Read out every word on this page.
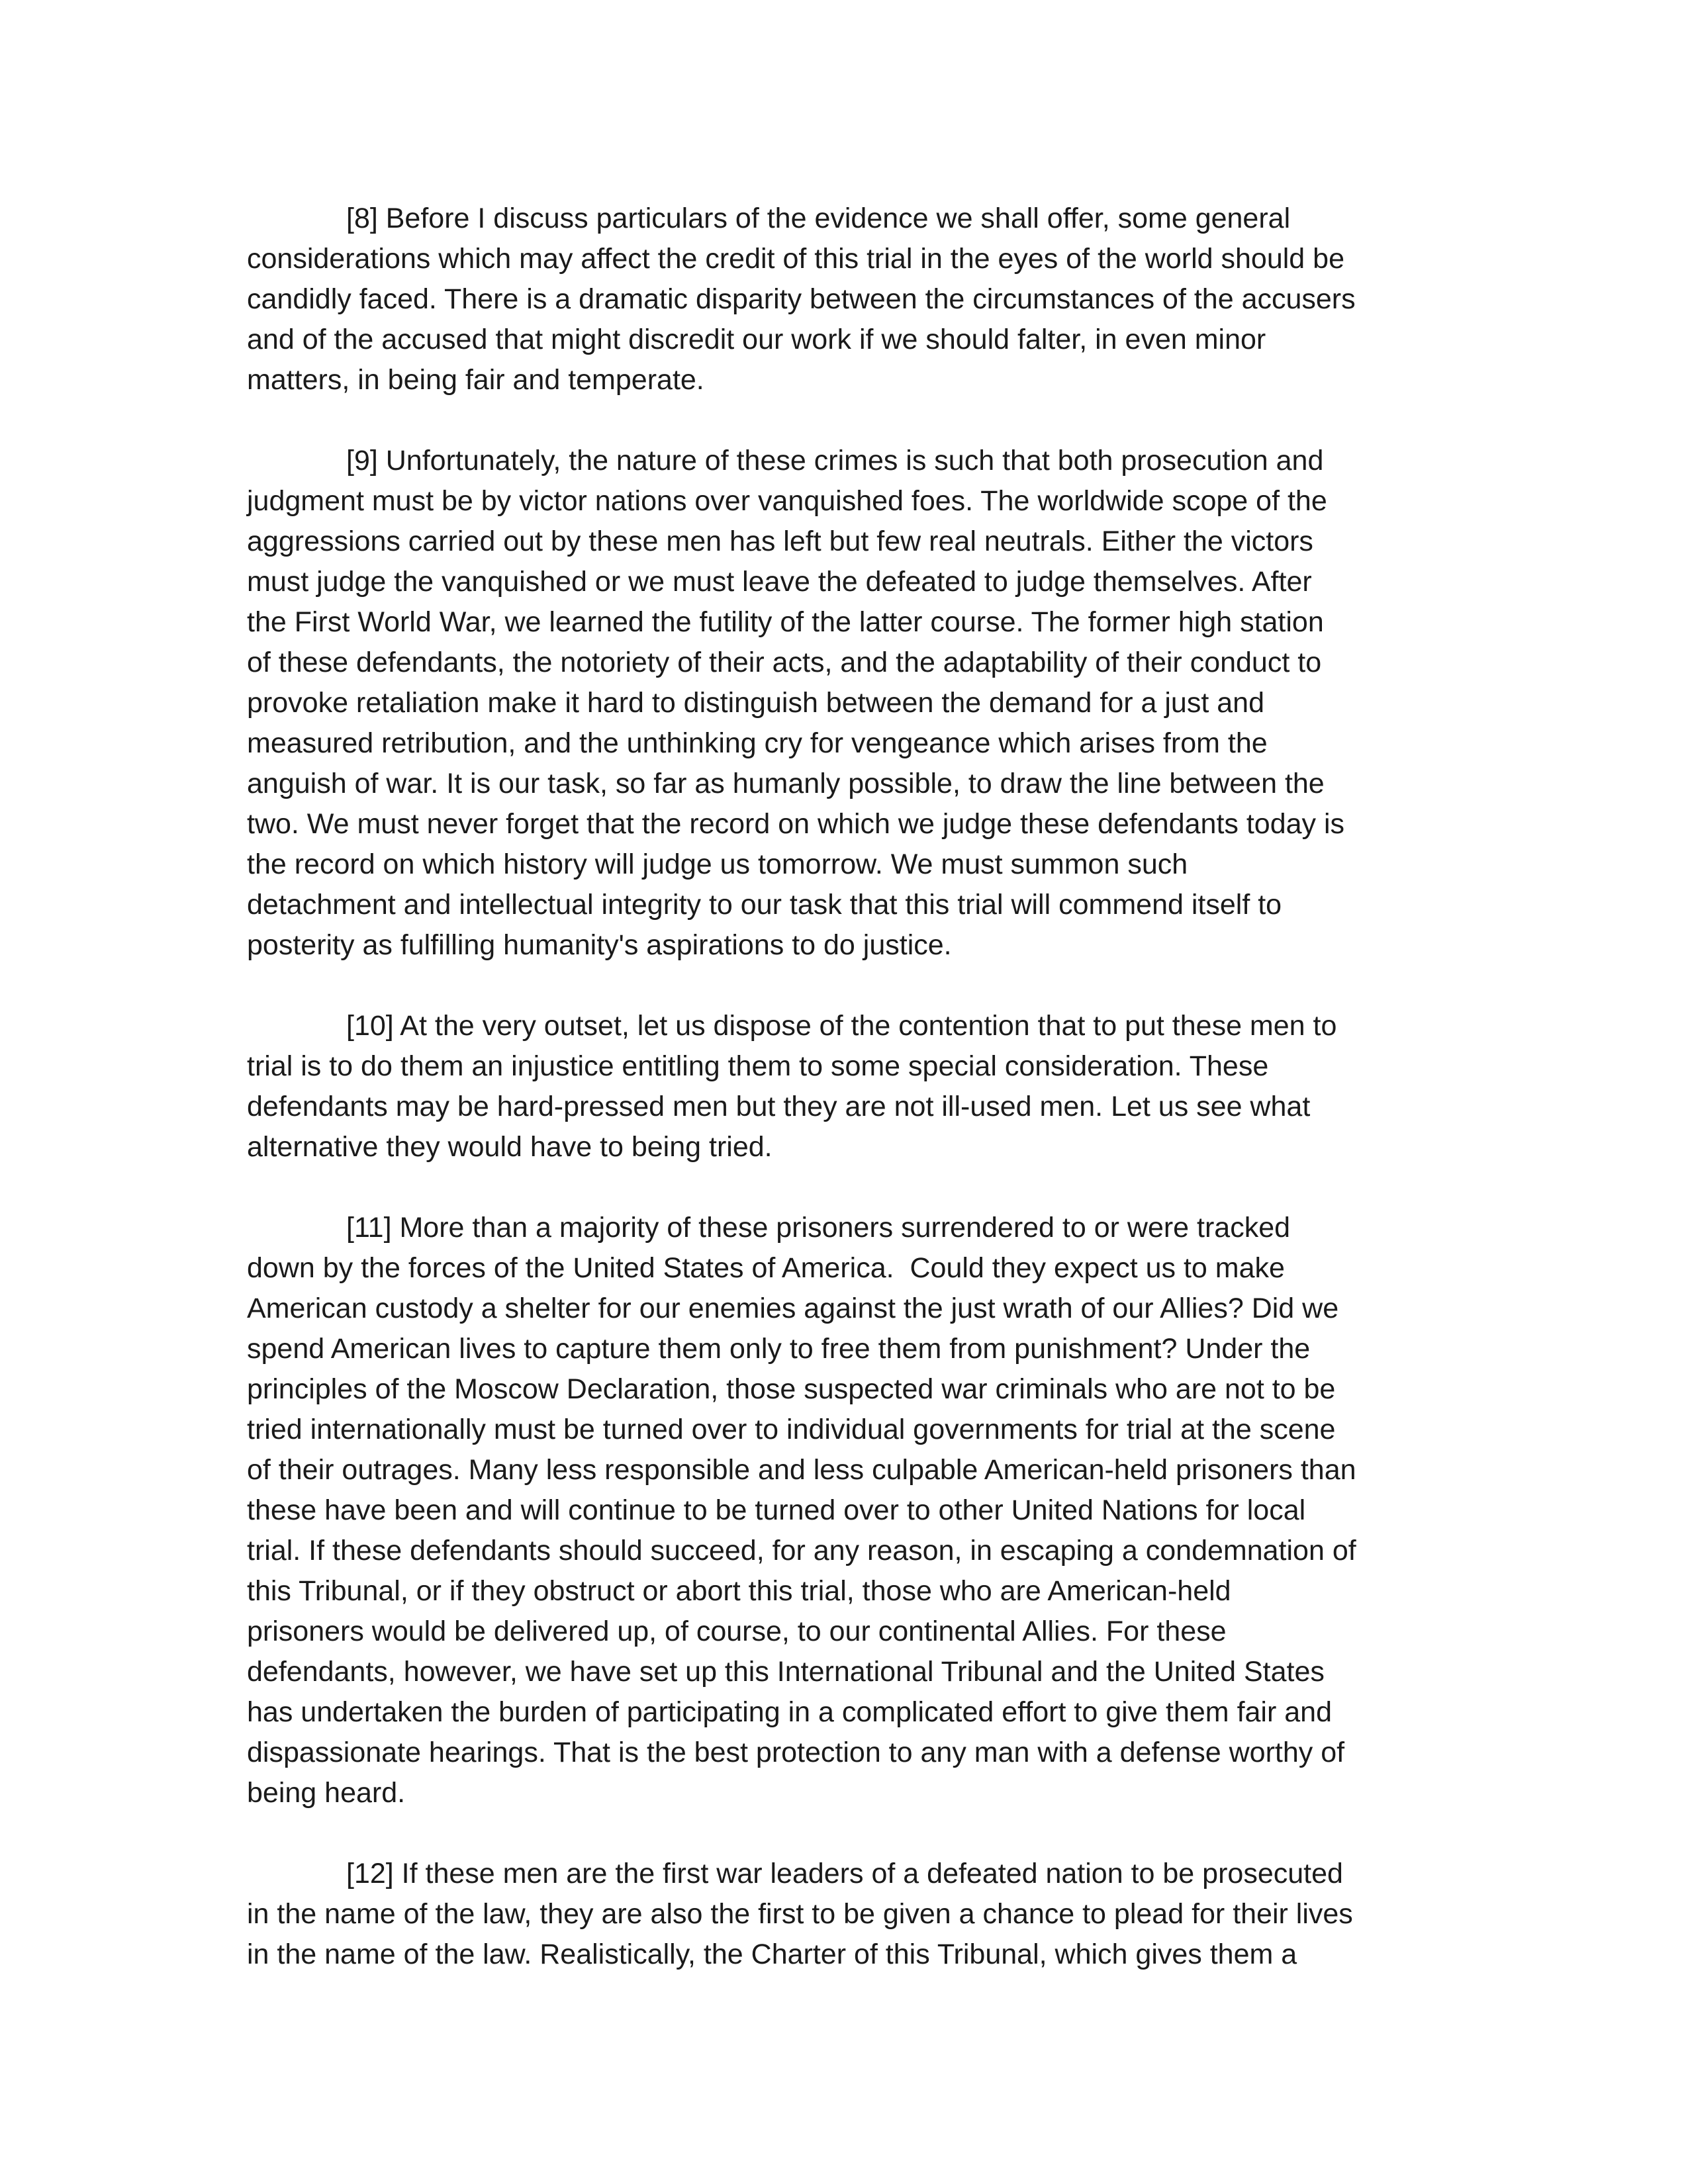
[8] Before I discuss particulars of the evidence we shall offer, some general
considerations which may affect the credit of this trial in the eyes of the world should be
candidly faced. There is a dramatic disparity between the circumstances of the accusers
and of the accused that might discredit our work if we should falter, in even minor
matters, in being fair and temperate.

[9] Unfortunately, the nature of these crimes is such that both prosecution and
judgment must be by victor nations over vanquished foes. The worldwide scope of the
aggressions carried out by these men has left but few real neutrals. Either the victors
must judge the vanquished or we must leave the defeated to judge themselves. After
the First World War, we learned the futility of the latter course. The former high station
of these defendants, the notoriety of their acts, and the adaptability of their conduct to
provoke retaliation make it hard to distinguish between the demand for a just and
measured retribution, and the unthinking cry for vengeance which arises from the
anguish of war. It is our task, so far as humanly possible, to draw the line between the
two. We must never forget that the record on which we judge these defendants today is
the record on which history will judge us tomorrow. We must summon such
detachment and intellectual integrity to our task that this trial will commend itself to
posterity as fulfilling humanity's aspirations to do justice.

[10] At the very outset, let us dispose of the contention that to put these men to
trial is to do them an injustice entitling them to some special consideration. These
defendants may be hard-pressed men but they are not ill-used men. Let us see what
alternative they would have to being tried.

[11] More than a majority of these prisoners surrendered to or were tracked
down by the forces of the United States of America.  Could they expect us to make
American custody a shelter for our enemies against the just wrath of our Allies? Did we
spend American lives to capture them only to free them from punishment? Under the
principles of the Moscow Declaration, those suspected war criminals who are not to be
tried internationally must be turned over to individual governments for trial at the scene
of their outrages. Many less responsible and less culpable American-held prisoners than
these have been and will continue to be turned over to other United Nations for local
trial. If these defendants should succeed, for any reason, in escaping a condemnation of
this Tribunal, or if they obstruct or abort this trial, those who are American-held
prisoners would be delivered up, of course, to our continental Allies. For these
defendants, however, we have set up this International Tribunal and the United States
has undertaken the burden of participating in a complicated effort to give them fair and
dispassionate hearings. That is the best protection to any man with a defense worthy of
being heard.

[12] If these men are the first war leaders of a defeated nation to be prosecuted
in the name of the law, they are also the first to be given a chance to plead for their lives
in the name of the law. Realistically, the Charter of this Tribunal, which gives them a
